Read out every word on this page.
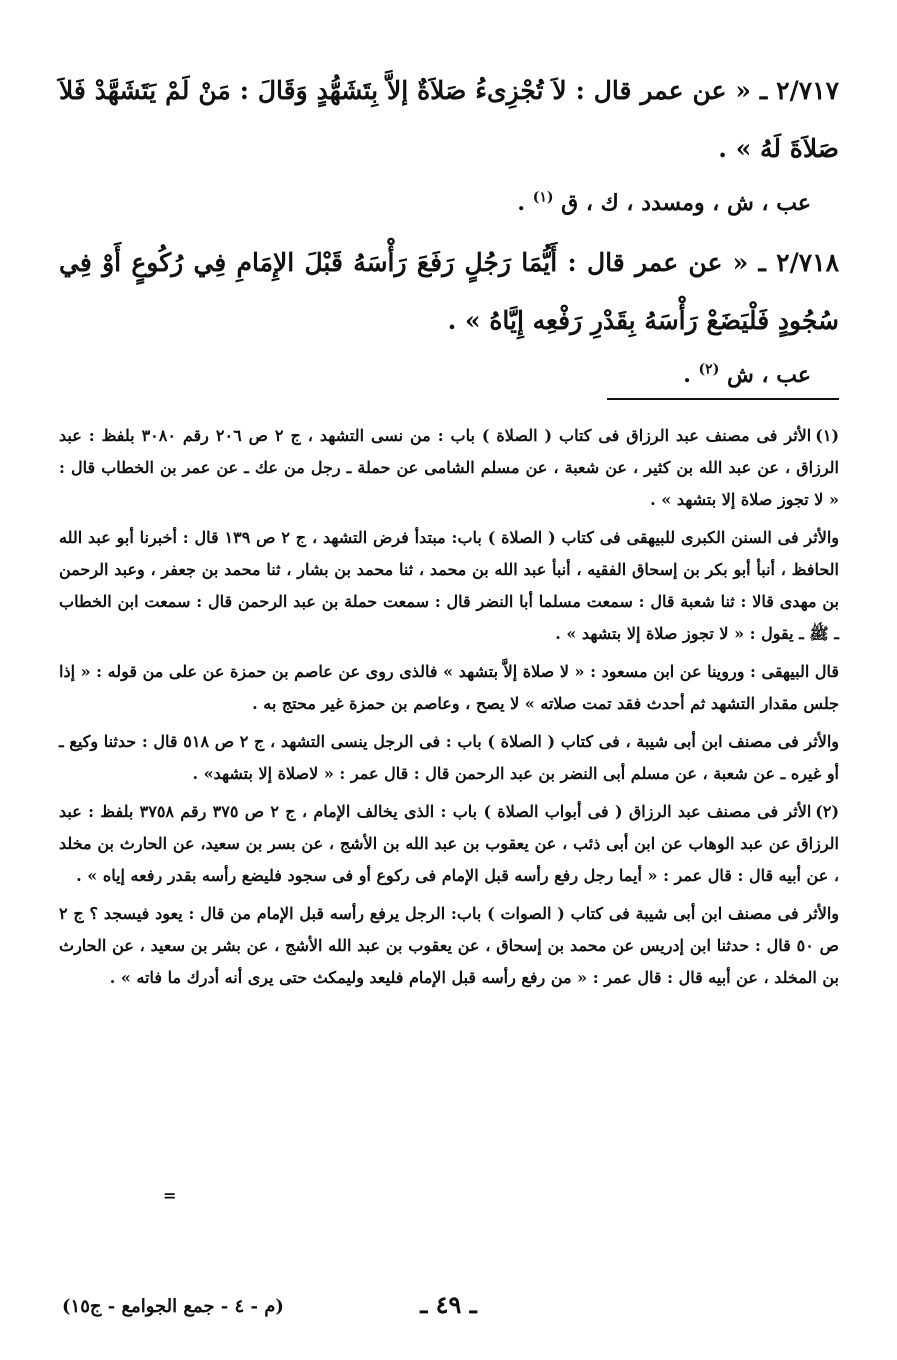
٢/٧١٧ ـ « عن عمر قال : لاَ تُجْزِىءُ صَلاَةٌ إلاَّ بِتَشَهُّدٍ وَقَالَ : مَنْ لَمْ يَتَشَهَّدْ فَلاَ صَلاَةَ لَهُ » .

عب ، ش ، ومسدد ، ك ، ق $^{(١)}$ .

٢/٧١٨ ـ « عن عمر قال : أَيُّمَا رَجُلٍ رَفَعَ رَأْسَهُ قَبْلَ الإِمَامِ فِي رُكُوعٍ أَوْ فِي سُجُودٍ فَلْيَضَعْ رَأْسَهُ بِقَدْرِ رَفْعِه إِيَّاهُ » .

عب ، ش $^{(٢)}$ .

(١)الأثر فى مصنف عبد الرزاق فى كتاب ( الصلاة ) باب : من نسى التشهد ، ج ٢ ص ٢٠٦ رقم ٣٠٨٠ بلفظ : عبد الرزاق ، عن عبد الله بن كثير ، عن شعبة ، عن مسلم الشامى عن حملة ـ رجل من عك ـ عن عمر بن الخطاب قال : « لا تجوز صلاة إلا بتشهد » .

والأثر فى السنن الكبرى للبيهقى فى كتاب ( الصلاة ) باب: مبتدأ فرض التشهد ، ج ٢ ص ١٣٩ قال : أخبرنا أبو عبد الله الحافظ ، أنبأ أبو بكر بن إسحاق الفقيه ، أنبأ عبد الله بن محمد ، ثنا محمد بن بشار ، ثنا محمد بن جعفر ، وعبد الرحمن بن مهدى قالا : ثنا شعبة قال : سمعت مسلما أبا النضر قال : سمعت حملة بن عبد الرحمن قال : سمعت ابن الخطاب ـ ﷺ ـ يقول : « لا تجوز صلاة إلا بتشهد » .

قال البيهقى : وروينا عن ابن مسعود : « لا صلاة إلاَّ بتشهد » فالذى روى عن عاصم بن حمزة عن على من قوله : « إذا جلس مقدار التشهد ثم أحدث فقد تمت صلاته » لا يصح ، وعاصم بن حمزة غير محتج به .

والأثر فى مصنف ابن أبى شيبة ، فى كتاب ( الصلاة ) باب : فى الرجل ينسى التشهد ، ج ٢ ص ٥١٨ قال : حدثنا وكيع ـ أو غيره ـ عن شعبة ، عن مسلم أبى النضر بن عبد الرحمن قال : قال عمر : « لاصلاة إلا بتشهد» .

(٢)الأثر فى مصنف عبد الرزاق ( فى أبواب الصلاة ) باب : الذى يخالف الإمام ، ج ٢ ص ٣٧٥ رقم ٣٧٥٨ بلفظ : عبد الرزاق عن عبد الوهاب عن ابن أبى ذئب ، عن يعقوب بن عبد الله بن الأشج ، عن بسر بن سعيد، عن الحارث بن مخلد ، عن أبيه قال : قال عمر : « أيما رجل رفع رأسه قبل الإمام فى ركوع أو فى سجود فليضع رأسه بقدر رفعه إياه » .

والأثر فى مصنف ابن أبى شيبة فى كتاب ( الصوات ) باب: الرجل يرفع رأسه قبل الإمام من قال : يعود فيسجد ؟ ج ٢ ص ٥٠ قال : حدثنا ابن إدريس عن محمد بن إسحاق ، عن يعقوب بن عبد الله الأشج ، عن بشر بن سعيد ، عن الحارث بن المخلد ، عن أبيه قال : قال عمر : « من رفع رأسه قبل الإمام فليعد وليمكث حتى يرى أنه أدرك ما فاته » .

=
ـ ٤٩ ـ
(م - ٤ - جمع الجوامع - ج١٥)
